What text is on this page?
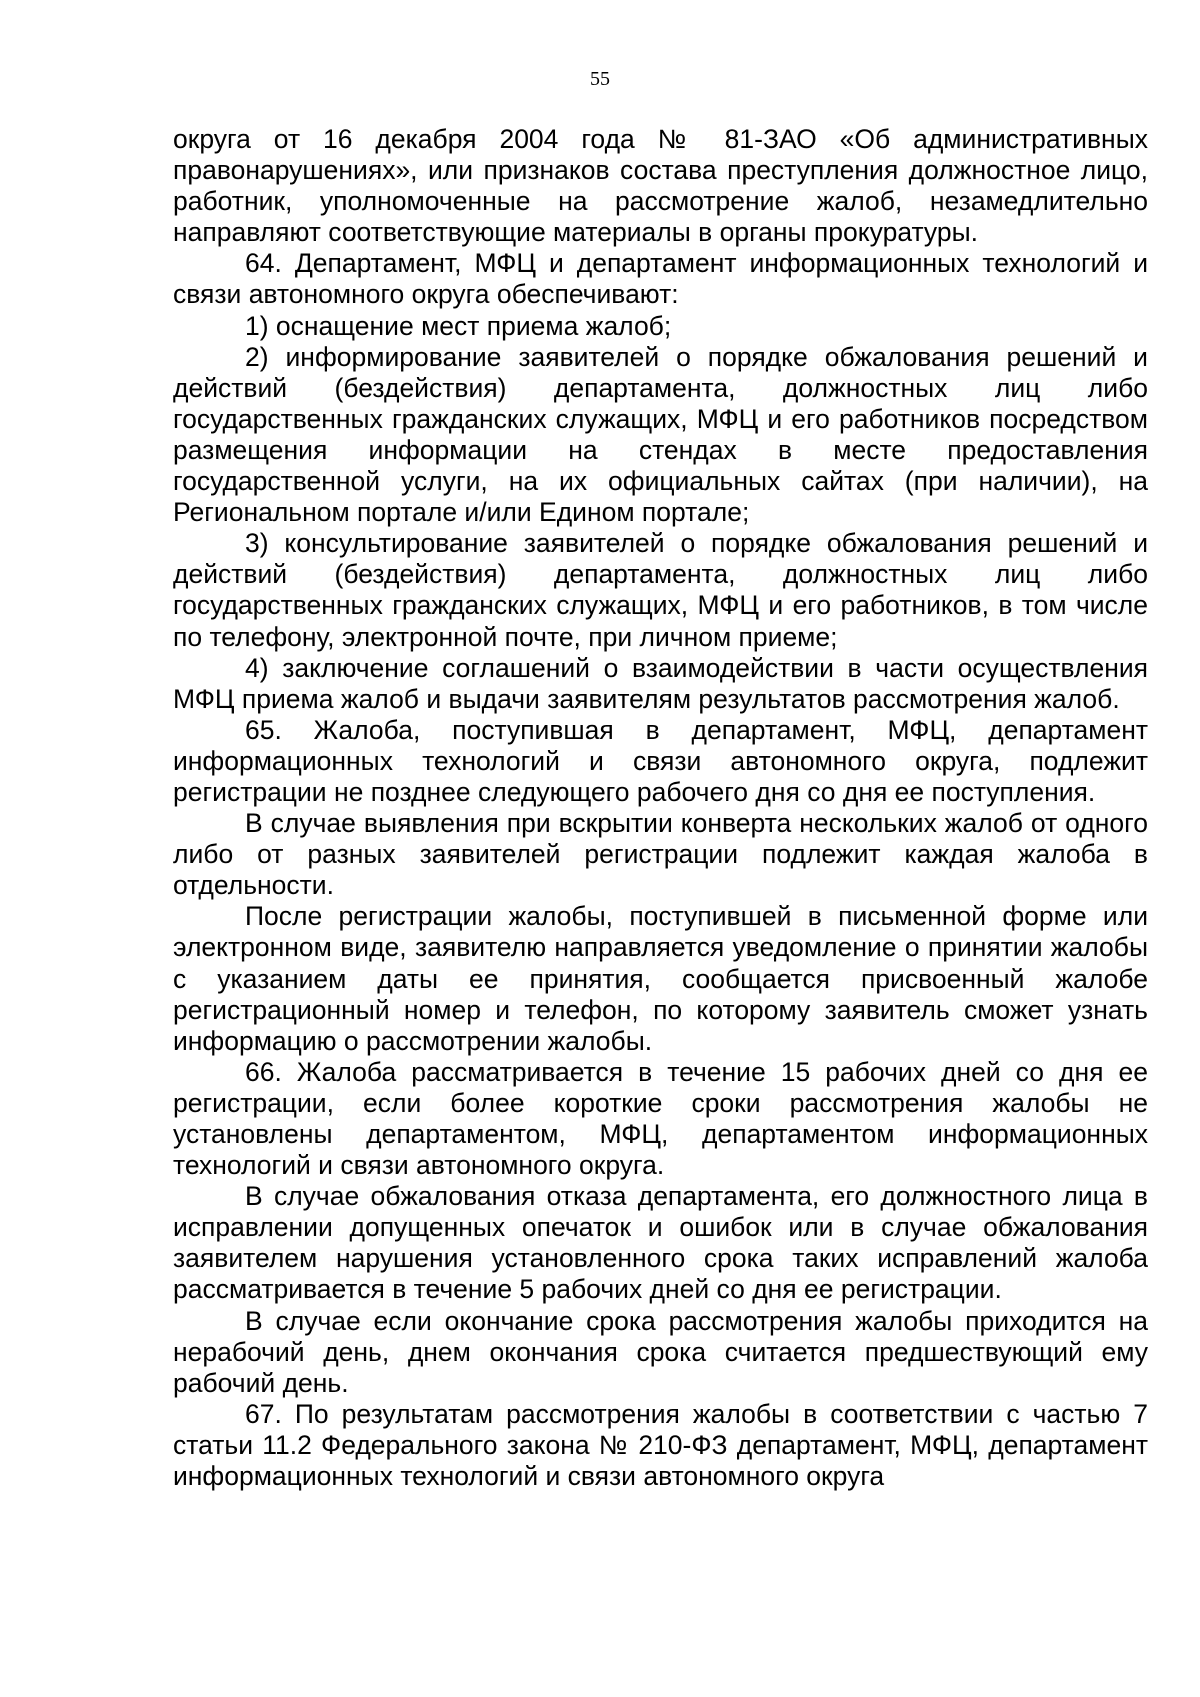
55

округа от 16 декабря 2004 года № 81-ЗАО «Об административных правонарушениях», или признаков состава преступления должностное лицо, работник, уполномоченные на рассмотрение жалоб, незамедлительно направляют соответствующие материалы в органы прокуратуры.

64. Департамент, МФЦ и департамент информационных технологий и связи автономного округа обеспечивают:

1) оснащение мест приема жалоб;

2) информирование заявителей о порядке обжалования решений и действий (бездействия) департамента, должностных лиц либо государственных гражданских служащих, МФЦ и его работников посредством размещения информации на стендах в месте предоставления государственной услуги, на их официальных сайтах (при наличии), на Региональном портале и/или Едином портале;

3) консультирование заявителей о порядке обжалования решений и действий (бездействия) департамента, должностных лиц либо государственных гражданских служащих, МФЦ и его работников, в том числе по телефону, электронной почте, при личном приеме;

4) заключение соглашений о взаимодействии в части осуществления МФЦ приема жалоб и выдачи заявителям результатов рассмотрения жалоб.

65. Жалоба, поступившая в департамент, МФЦ, департамент информационных технологий и связи автономного округа, подлежит регистрации не позднее следующего рабочего дня со дня ее поступления.

В случае выявления при вскрытии конверта нескольких жалоб от одного либо от разных заявителей регистрации подлежит каждая жалоба в отдельности.

После регистрации жалобы, поступившей в письменной форме или электронном виде, заявителю направляется уведомление о принятии жалобы с указанием даты ее принятия, сообщается присвоенный жалобе регистрационный номер и телефон, по которому заявитель сможет узнать информацию о рассмотрении жалобы.

66. Жалоба рассматривается в течение 15 рабочих дней со дня ее регистрации, если более короткие сроки рассмотрения жалобы не установлены департаментом, МФЦ, департаментом информационных технологий и связи автономного округа.

В случае обжалования отказа департамента, его должностного лица в исправлении допущенных опечаток и ошибок или в случае обжалования заявителем нарушения установленного срока таких исправлений жалоба рассматривается в течение 5 рабочих дней со дня ее регистрации.

В случае если окончание срока рассмотрения жалобы приходится на нерабочий день, днем окончания срока считается предшествующий ему рабочий день.

67. По результатам рассмотрения жалобы в соответствии с частью 7 статьи 11.2 Федерального закона № 210-ФЗ департамент, МФЦ, департамент информационных технологий и связи автономного округа
